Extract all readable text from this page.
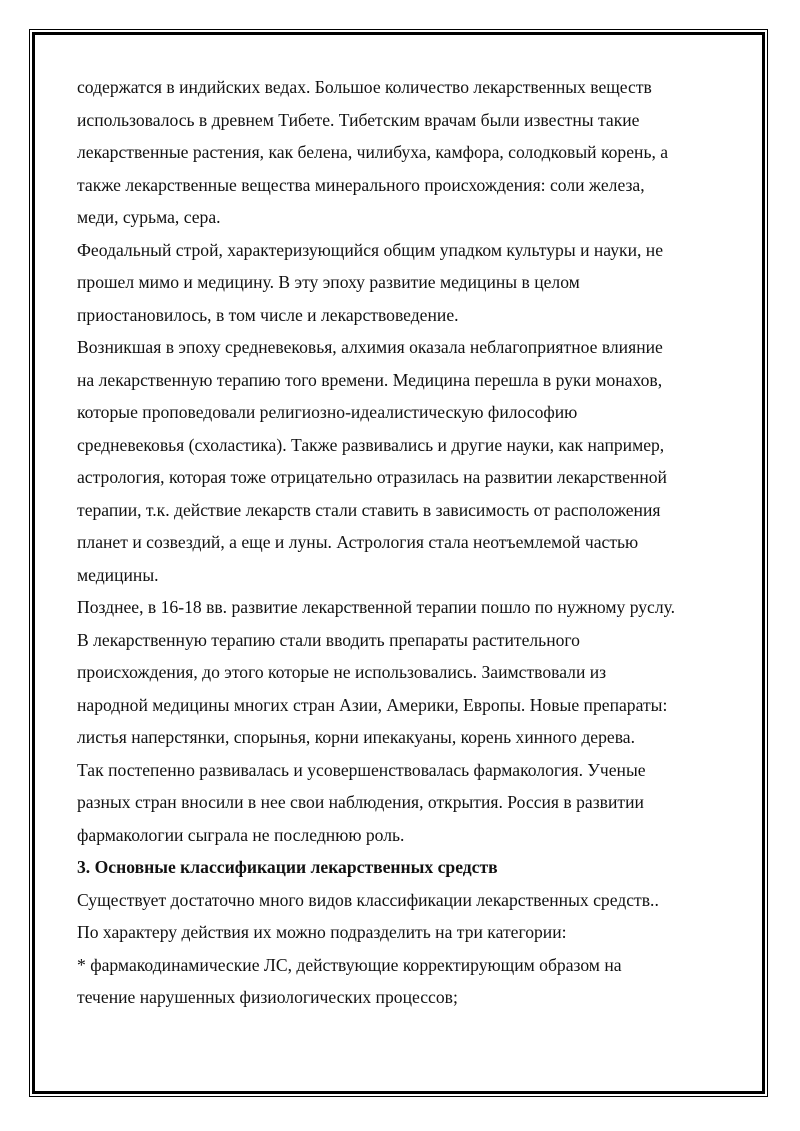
содержатся в индийских ведах. Большое количество лекарственных веществ
использовалось в древнем Тибете. Тибетским врачам были известны такие
лекарственные растения, как белена, чилибуха, камфора, солодковый корень, а
также лекарственные вещества минерального происхождения: соли железа,
меди, сурьма, сера.
Феодальный строй, характеризующийся общим упадком культуры и науки, не
прошел мимо и медицину. В эту эпоху развитие медицины в целом
приостановилось, в том числе и лекарствоведение.
Возникшая в эпоху средневековья, алхимия оказала неблагоприятное влияние
на лекарственную терапию того времени. Медицина перешла в руки монахов,
которые проповедовали религиозно-идеалистическую философию
средневековья (схоластика). Также развивались и другие науки, как например,
астрология, которая тоже отрицательно отразилась на развитии лекарственной
терапии, т.к. действие лекарств стали ставить в зависимость от расположения
планет и созвездий, а еще и луны. Астрология стала неотъемлемой частью
медицины.
Позднее, в 16-18 вв. развитие лекарственной терапии пошло по нужному руслу.
В лекарственную терапию стали вводить препараты растительного
происхождения, до этого которые не использовались. Заимствовали из
народной медицины многих стран Азии, Америки, Европы. Новые препараты:
листья наперстянки, спорынья, корни ипекакуаны, корень хинного дерева.
Так постепенно развивалась и усовершенствовалась фармакология. Ученые
разных стран вносили в нее свои наблюдения, открытия. Россия в развитии
фармакологии сыграла не последнюю роль.
3. Основные классификации лекарственных средств
Существует достаточно много видов классификации лекарственных средств..
По характеру действия их можно подразделить на три категории:
* фармакодинамические ЛС, действующие корректирующим образом на
течение нарушенных физиологических процессов;
